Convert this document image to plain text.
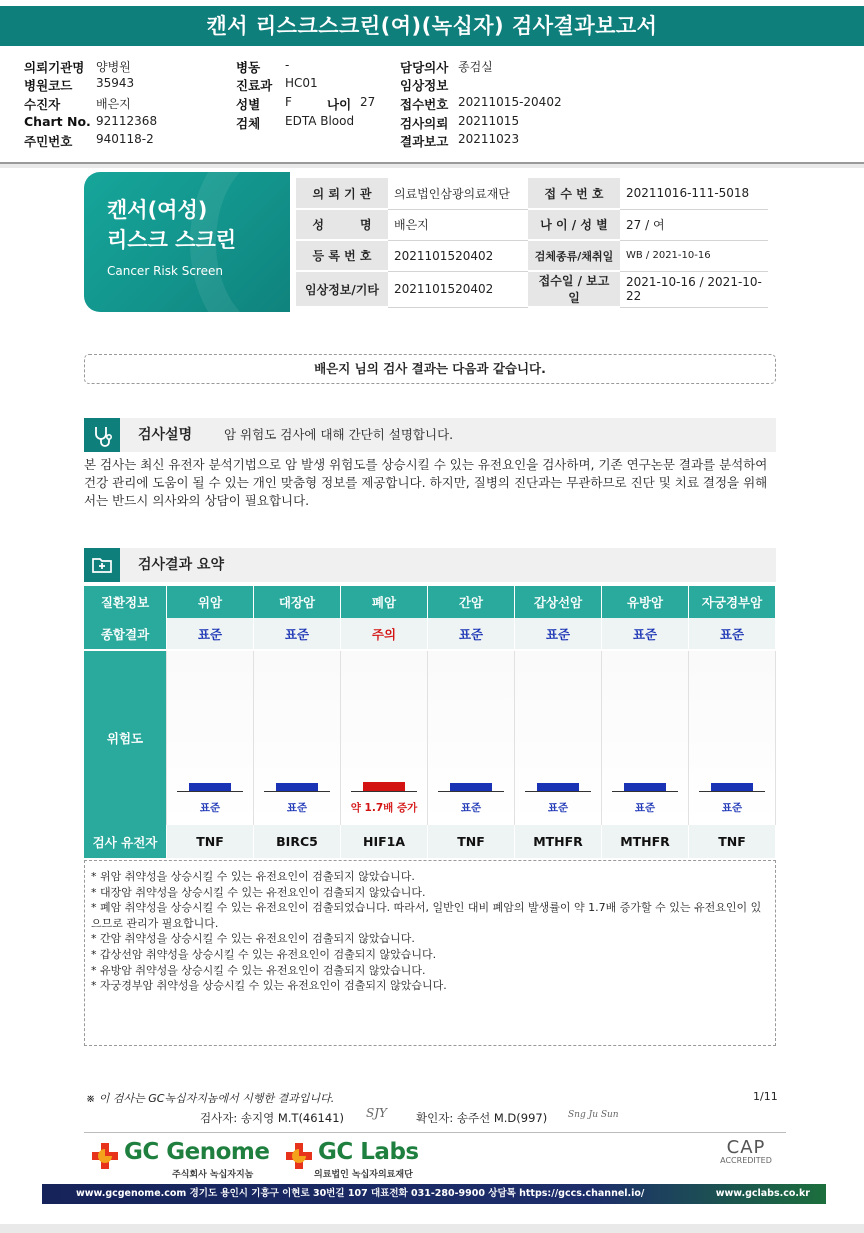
캔서 리스크스크린(여)(녹십자) 검사결과보고서
의뢰기관명 양병원
병원코드 35943
수진자	배은지
Chart No. 92112368
주민번호 940118-2
병동 -
진료과 HC01
성별 F
검체 EDTA Blood
나이 27
담당의사 종검실
임상정보
접수번호 20211015-20402
검사의뢰 20211015
결과보고 20211023
캔서(여성)
리스크 스크린
Cancer Risk Screen
의 뢰 기 관	의료법인삼광의료재단	접 수 번 호	20211016-111-5018
성　　　명	배은지	나 이 / 성 별	27 / 여
등 록 번 호	2021101520402	검체종류/채취일	WB / 2021-10-16
임상정보/기타	2021101520402	접수일 / 보고일	2021-10-16 / 2021-10-22
배은지 님의 검사 결과는 다음과 같습니다.
검사설명	암 위험도 검사에 대해 간단히 설명합니다.
본 검사는 최신 유전자 분석기법으로 암 발생 위험도를 상승시킬 수 있는 유전요인을 검사하며, 기존 연구논문 결과를 분석하여 건강 관리에 도움이 될 수 있는 개인 맞춤형 정보를 제공합니다. 하지만, 질병의 진단과는 무관하므로 진단 및 치료 결정을 위해서는 반드시 의사와의 상담이 필요합니다.
검사결과 요약
질환정보	위암	대장암	폐암	간암	갑상선암	유방암	자궁경부암
종합결과	표준	표준	주의	표준	표준	표준	표준
위험도	표준	표준	약 1.7배 증가	표준	표준	표준	표준

검사 유전자	TNF	BIRC5	HIF1A	TNF	MTHFR	MTHFR	TNF
* 위암 취약성을 상승시킬 수 있는 유전요인이 검출되지 않았습니다.
* 대장암 취약성을 상승시킬 수 있는 유전요인이 검출되지 않았습니다.
* 폐암 취약성을 상승시킬 수 있는 유전요인이 검출되었습니다. 따라서, 일반인 대비 폐암의 발생률이 약 1.7배 증가할 수 있는 유전요인이 있으므로 관리가 필요합니다.
* 간암 취약성을 상승시킬 수 있는 유전요인이 검출되지 않았습니다.
* 갑상선암 취약성을 상승시킬 수 있는 유전요인이 검출되지 않았습니다.
* 유방암 취약성을 상승시킬 수 있는 유전요인이 검출되지 않았습니다.
* 자궁경부암 취약성을 상승시킬 수 있는 유전요인이 검출되지 않았습니다.
※ 이 검사는 GC녹십자지놈에서 시행한 결과입니다.	1/11
검사자: 송지영 M.T(46141) SJY	확인자: 송주선 M.D(997) Sng Ju Sun
GC Genome
주식회사 녹십자지놈
GC Labs
의료법인 녹십자의료재단
CAP
ACCREDITED
www.gcgenome.com 경기도 용인시 기흥구 이현로 30번길 107 대표전화 031-280-9900 상담톡 https://gccs.channel.io/	www.gclabs.co.kr
